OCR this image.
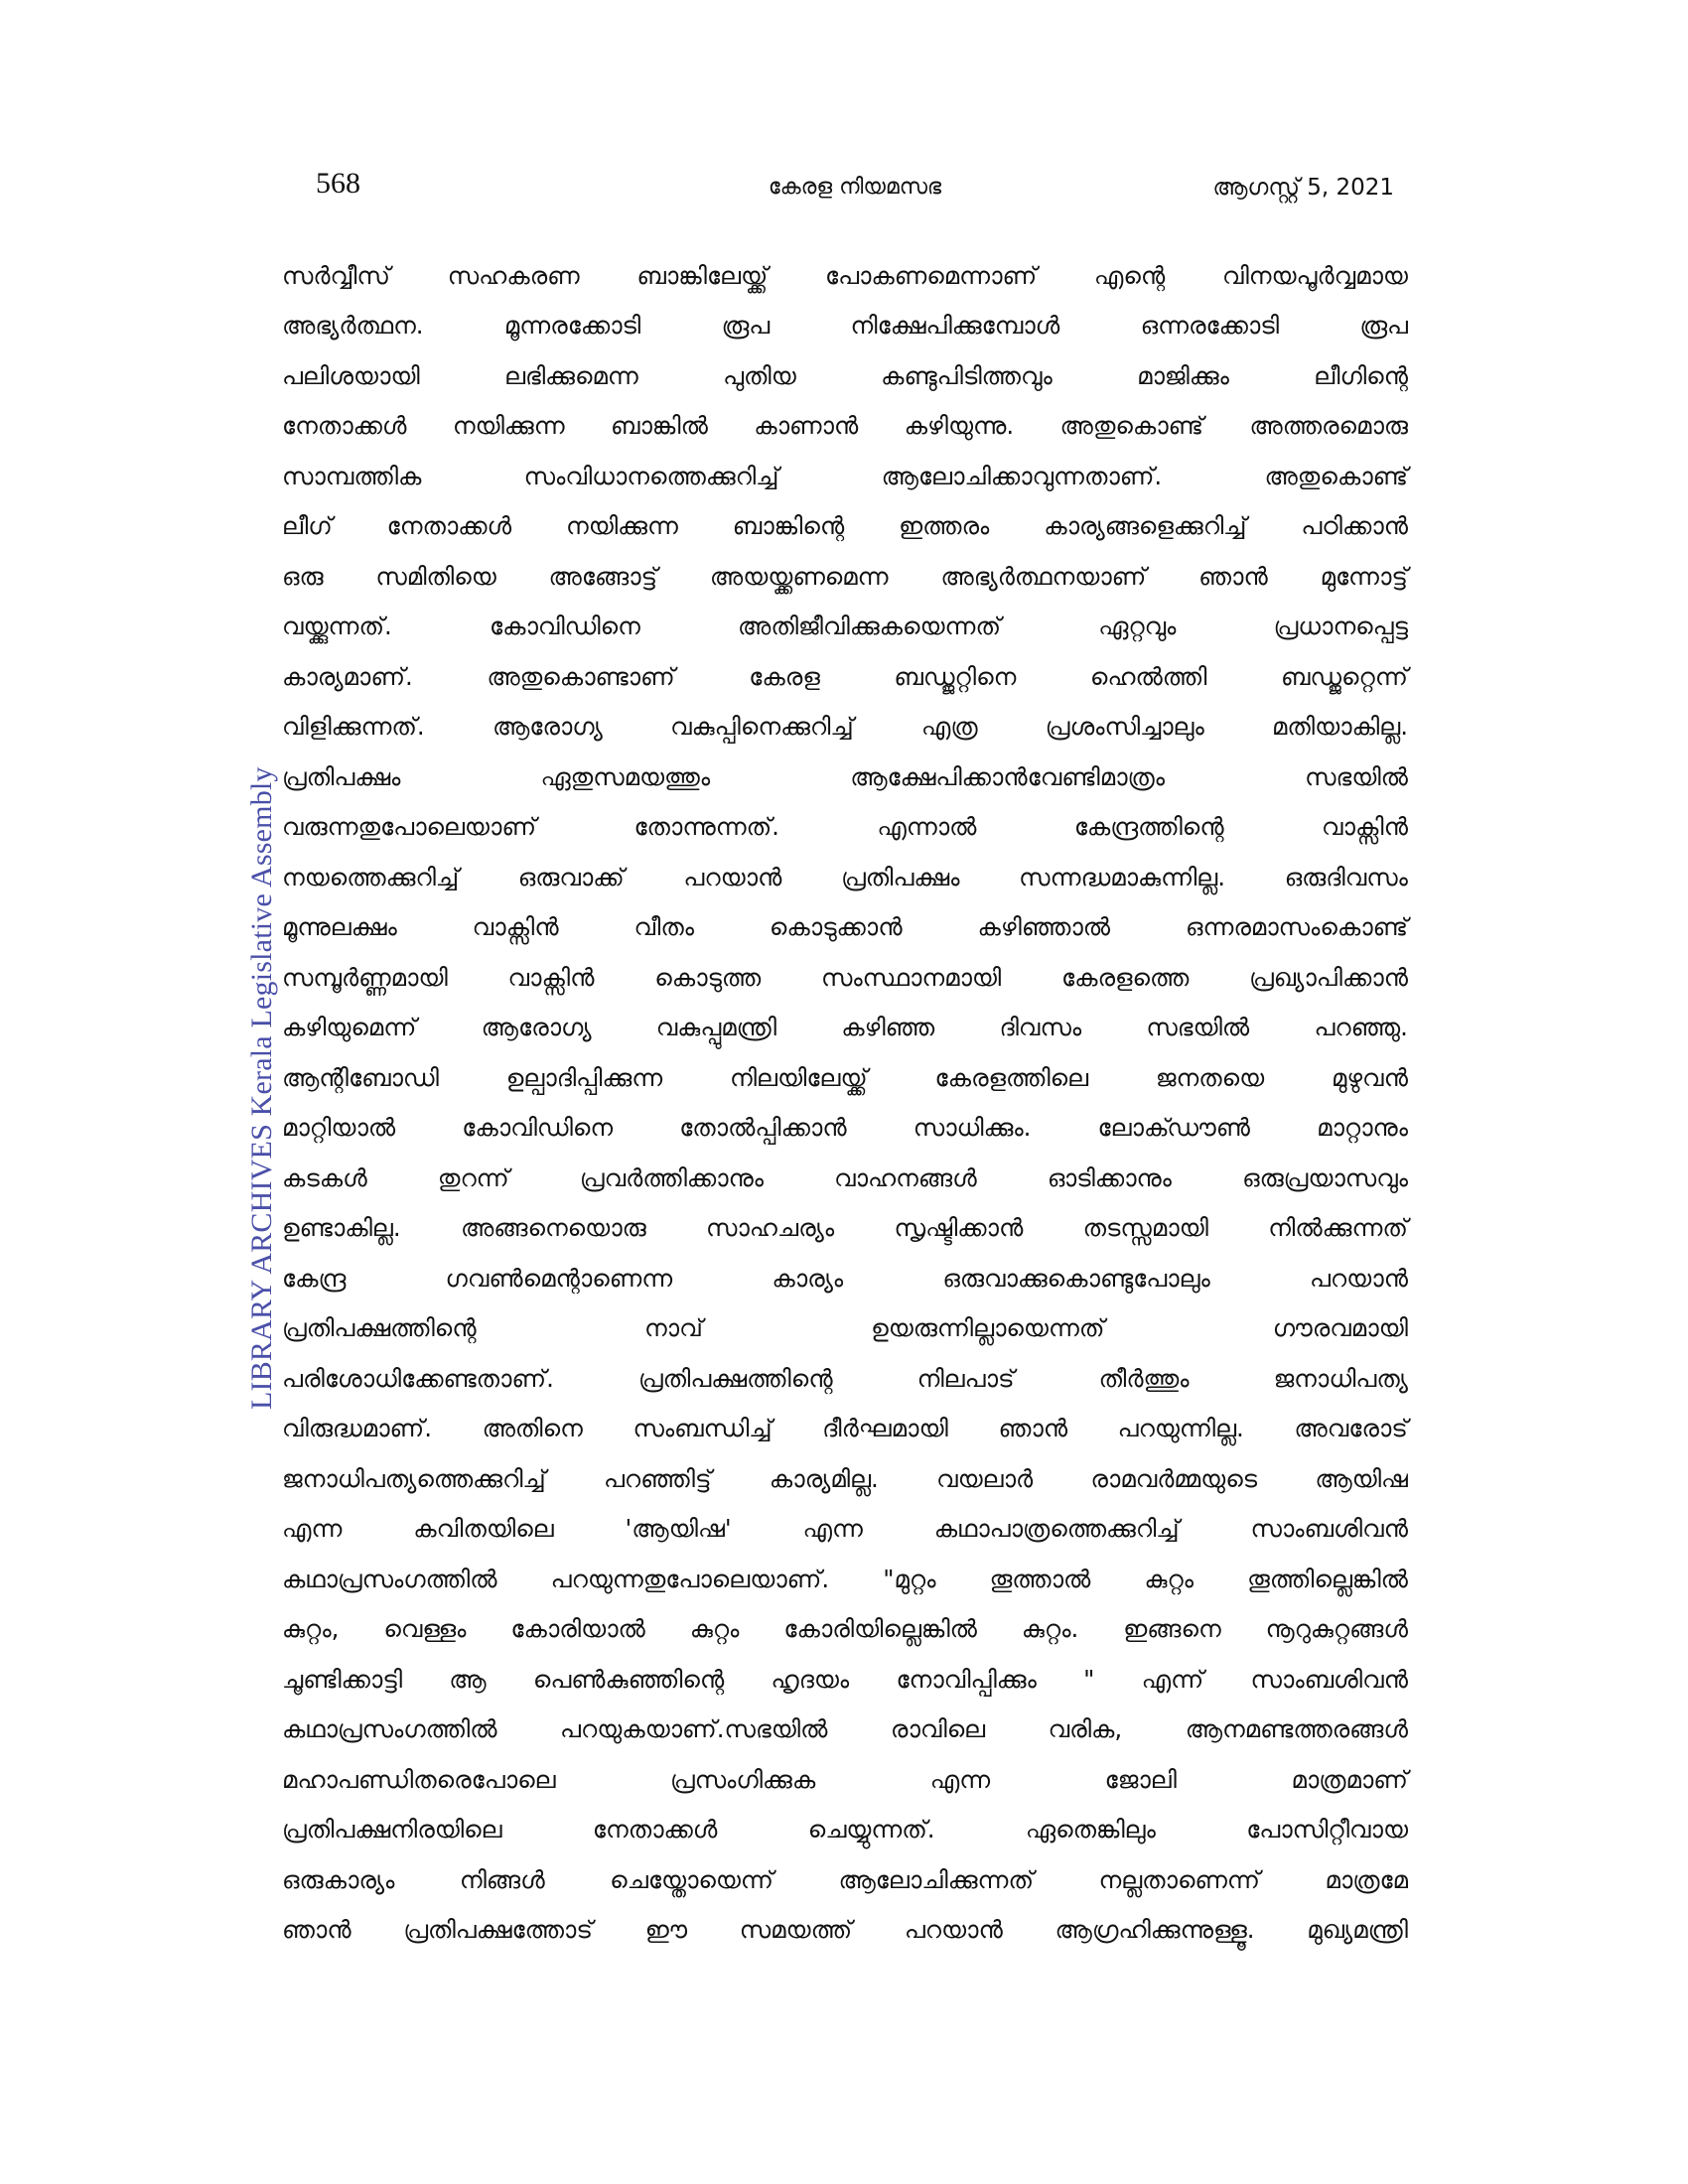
568	കേരള നിയമസഭ	ആഗസ്റ്റ് 5, 2021
LIBRARY ARCHIVES Kerala Legislative Assembly
സർവ്വീസ് സഹകരണ ബാങ്കിലേയ്ക്ക് പോകണമെന്നാണ് എന്റെ വിനയപൂർവ്വമായ
അഭ്യർത്ഥന.	മൂന്നരക്കോടി	രൂപ	നിക്ഷേപിക്കുമ്പോൾ	ഒന്നരക്കോടി	രൂപ
പലിശയായി	ലഭിക്കുമെന്ന	പുതിയ	കണ്ടുപിടിത്തവും	മാജിക്കും	ലീഗിന്റെ
നേതാക്കൾ നയിക്കുന്ന ബാങ്കിൽ കാണാൻ കഴിയുന്നു. അതുകൊണ്ട് അത്തരമൊരു
സാമ്പത്തിക	സംവിധാനത്തെക്കുറിച്ച്	ആലോചിക്കാവുന്നതാണ്.	അതുകൊണ്ട്
ലീഗ് നേതാക്കൾ നയിക്കുന്ന ബാങ്കിന്റെ ഇത്തരം കാര്യങ്ങളെക്കുറിച്ച് പഠിക്കാൻ
ഒരു സമിതിയെ അങ്ങോട്ട് അയയ്ക്കണമെന്ന അഭ്യർത്ഥനയാണ് ഞാൻ മുന്നോട്ട്
വയ്ക്കുന്നത്.	കോവിഡിനെ	അതിജീവിക്കുകയെന്നത്	ഏറ്റവും	പ്രധാനപ്പെട്ട
കാര്യമാണ്.	അതുകൊണ്ടാണ്	കേരള	ബഡ്ജറ്റിനെ	ഹെൽത്തി	ബഡ്ജറ്റെന്ന്
വിളിക്കുന്നത്.	ആരോഗ്യ	വകുപ്പിനെക്കുറിച്ച്	എത്ര	പ്രശംസിച്ചാലും	മതിയാകില്ല.
പ്രതിപക്ഷം	ഏതുസമയത്തും	ആക്ഷേപിക്കാൻവേണ്ടിമാത്രം	സഭയിൽ
വരുന്നതുപോലെയാണ്	തോന്നുന്നത്.	എന്നാൽ	കേന്ദ്രത്തിന്റെ	വാക്സിൻ
നയത്തെക്കുറിച്ച് ഒരുവാക്ക് പറയാൻ പ്രതിപക്ഷം സന്നദ്ധമാകുന്നില്ല. ഒരുദിവസം
മൂന്നുലക്ഷം	വാക്സിൻ	വീതം	കൊടുക്കാൻ	കഴിഞ്ഞാൽ	ഒന്നരമാസംകൊണ്ട്
സമ്പൂർണ്ണമായി വാക്സിൻ കൊടുത്ത സംസ്ഥാനമായി കേരളത്തെ പ്രഖ്യാപിക്കാൻ
കഴിയുമെന്ന്	ആരോഗ്യ	വകുപ്പുമന്ത്രി	കഴിഞ്ഞ	ദിവസം	സഭയിൽ	പറഞ്ഞു.
ആന്റിബോഡി	ഉല്പാദിപ്പിക്കുന്ന	നിലയിലേയ്ക്ക്	കേരളത്തിലെ	ജനതയെ	മുഴുവൻ
മാറ്റിയാൽ	കോവിഡിനെ	തോൽപ്പിക്കാൻ	സാധിക്കും.	ലോക്ഡൗൺ	മാറ്റാനും
കടകൾ	തുറന്ന്	പ്രവർത്തിക്കാനും	വാഹനങ്ങൾ	ഓടിക്കാനും	ഒരുപ്രയാസവും
ഉണ്ടാകില്ല. അങ്ങനെയൊരു സാഹചര്യം സൃഷ്ടിക്കാൻ തടസ്സമായി നിൽക്കുന്നത്
കേന്ദ്ര	ഗവൺമെന്റാണെന്ന	കാര്യം	ഒരുവാക്കുകൊണ്ടുപോലും	പറയാൻ
പ്രതിപക്ഷത്തിന്റെ	നാവ്	ഉയരുന്നില്ലായെന്നത്	ഗൗരവമായി
പരിശോധിക്കേണ്ടതാണ്.	പ്രതിപക്ഷത്തിന്റെ	നിലപാട്	തീർത്തും	ജനാധിപത്യ
വിരുദ്ധമാണ്. അതിനെ സംബന്ധിച്ച് ദീർഘമായി ഞാൻ പറയുന്നില്ല. അവരോട്
ജനാധിപത്യത്തെക്കുറിച്ച് പറഞ്ഞിട്ട് കാര്യമില്ല. വയലാർ രാമവർമ്മയുടെ ആയിഷ
എന്ന	കവിതയിലെ	'ആയിഷ'	എന്ന	കഥാപാത്രത്തെക്കുറിച്ച്	സാംബശിവൻ
കഥാപ്രസംഗത്തിൽ പറയുന്നതുപോലെയാണ്. "മുറ്റം തൂത്താൽ കുറ്റം തൂത്തില്ലെങ്കിൽ
കുറ്റം, വെള്ളം കോരിയാൽ കുറ്റം കോരിയില്ലെങ്കിൽ കുറ്റം. ഇങ്ങനെ നൂറുകുറ്റങ്ങൾ
ചൂണ്ടിക്കാട്ടി ആ പെൺകുഞ്ഞിന്റെ ഹൃദയം നോവിപ്പിക്കും " എന്ന് സാംബശിവൻ
കഥാപ്രസംഗത്തിൽ	പറയുകയാണ്.സഭയിൽ	രാവിലെ	വരിക,	ആനമണ്ടത്തരങ്ങൾ
മഹാപണ്ഡിതരെപോലെ	പ്രസംഗിക്കുക	എന്ന	ജോലി	മാത്രമാണ്
പ്രതിപക്ഷനിരയിലെ	നേതാക്കൾ	ചെയ്യുന്നത്.	ഏതെങ്കിലും	പോസിറ്റീവായ
ഒരുകാര്യം	നിങ്ങൾ	ചെയ്തോയെന്ന്	ആലോചിക്കുന്നത്	നല്ലതാണെന്ന്	മാത്രമേ
ഞാൻ പ്രതിപക്ഷത്തോട് ഈ സമയത്ത് പറയാൻ ആഗ്രഹിക്കുന്നുള്ളൂ. മുഖ്യമന്ത്രി
